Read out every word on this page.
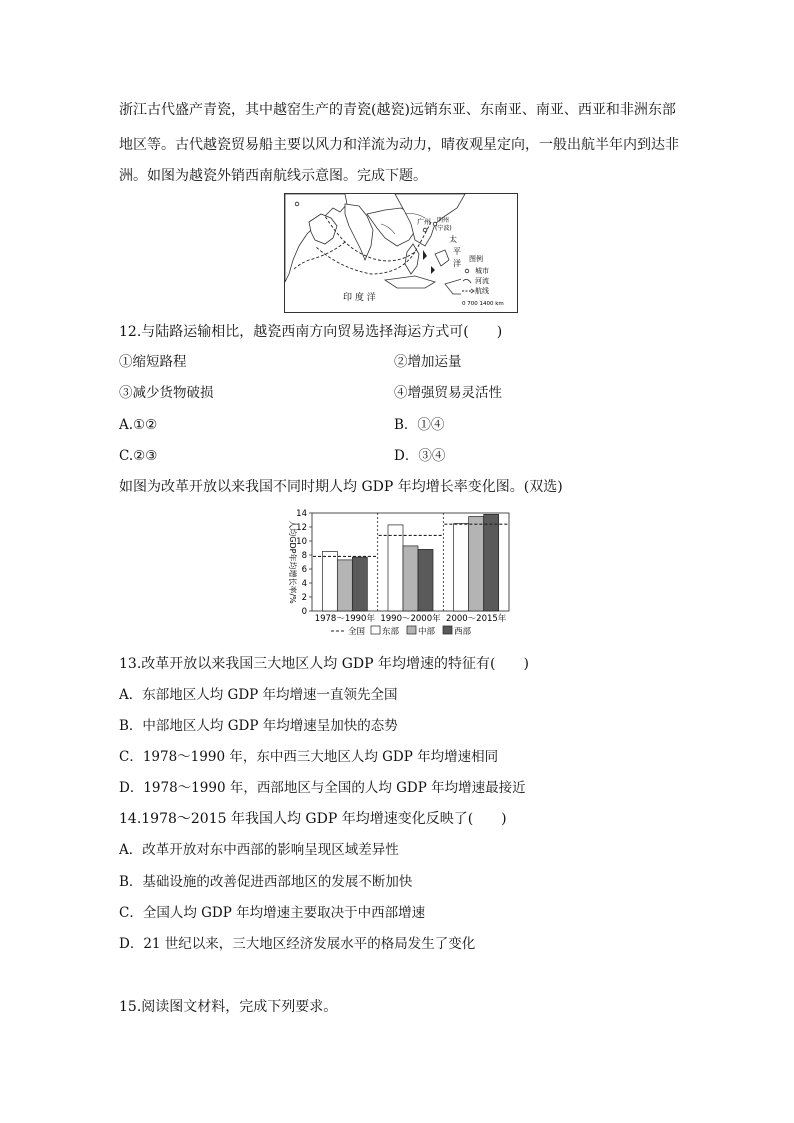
浙江古代盛产青瓷，其中越窑生产的青瓷(越瓷)远销东亚、东南亚、南亚、西亚和非洲东部
地区等。古代越瓷贸易船主要以风力和洋流为动力，晴夜观星定向，一般出航半年内到达非
洲。如图为越瓷外销西南航线示意图。完成下题。
广州 明州
(宁波)
太
平
洋
印 度 洋
图例
城市
河流
航线
0 700 1400 km
12.与陆路运输相比，越瓷西南方向贸易选择海运方式可(　　)
①缩短路程	②增加运量
③减少货物破损	④增强贸易灵活性
A.①②	B．①④
C.②③	D．③④
如图为改革开放以来我国不同时期人均 GDP 年均增长率变化图。(双选)
0
2
4
6
8
10
12
14
人均GDP年均增长率/%
1978～1990年 1990～2000年 2000～2015年
全国 东部 中部 西部
13.改革开放以来我国三大地区人均 GDP 年均增速的特征有(　　)
A．东部地区人均 GDP 年均增速一直领先全国
B．中部地区人均 GDP 年均增速呈加快的态势
C．1978～1990 年，东中西三大地区人均 GDP 年均增速相同
D．1978～1990 年，西部地区与全国的人均 GDP 年均增速最接近
14.1978～2015 年我国人均 GDP 年均增速变化反映了(　　)
A．改革开放对东中西部的影响呈现区域差异性
B．基础设施的改善促进西部地区的发展不断加快
C．全国人均 GDP 年均增速主要取决于中西部增速
D．21 世纪以来，三大地区经济发展水平的格局发生了变化
15.阅读图文材料，完成下列要求。
